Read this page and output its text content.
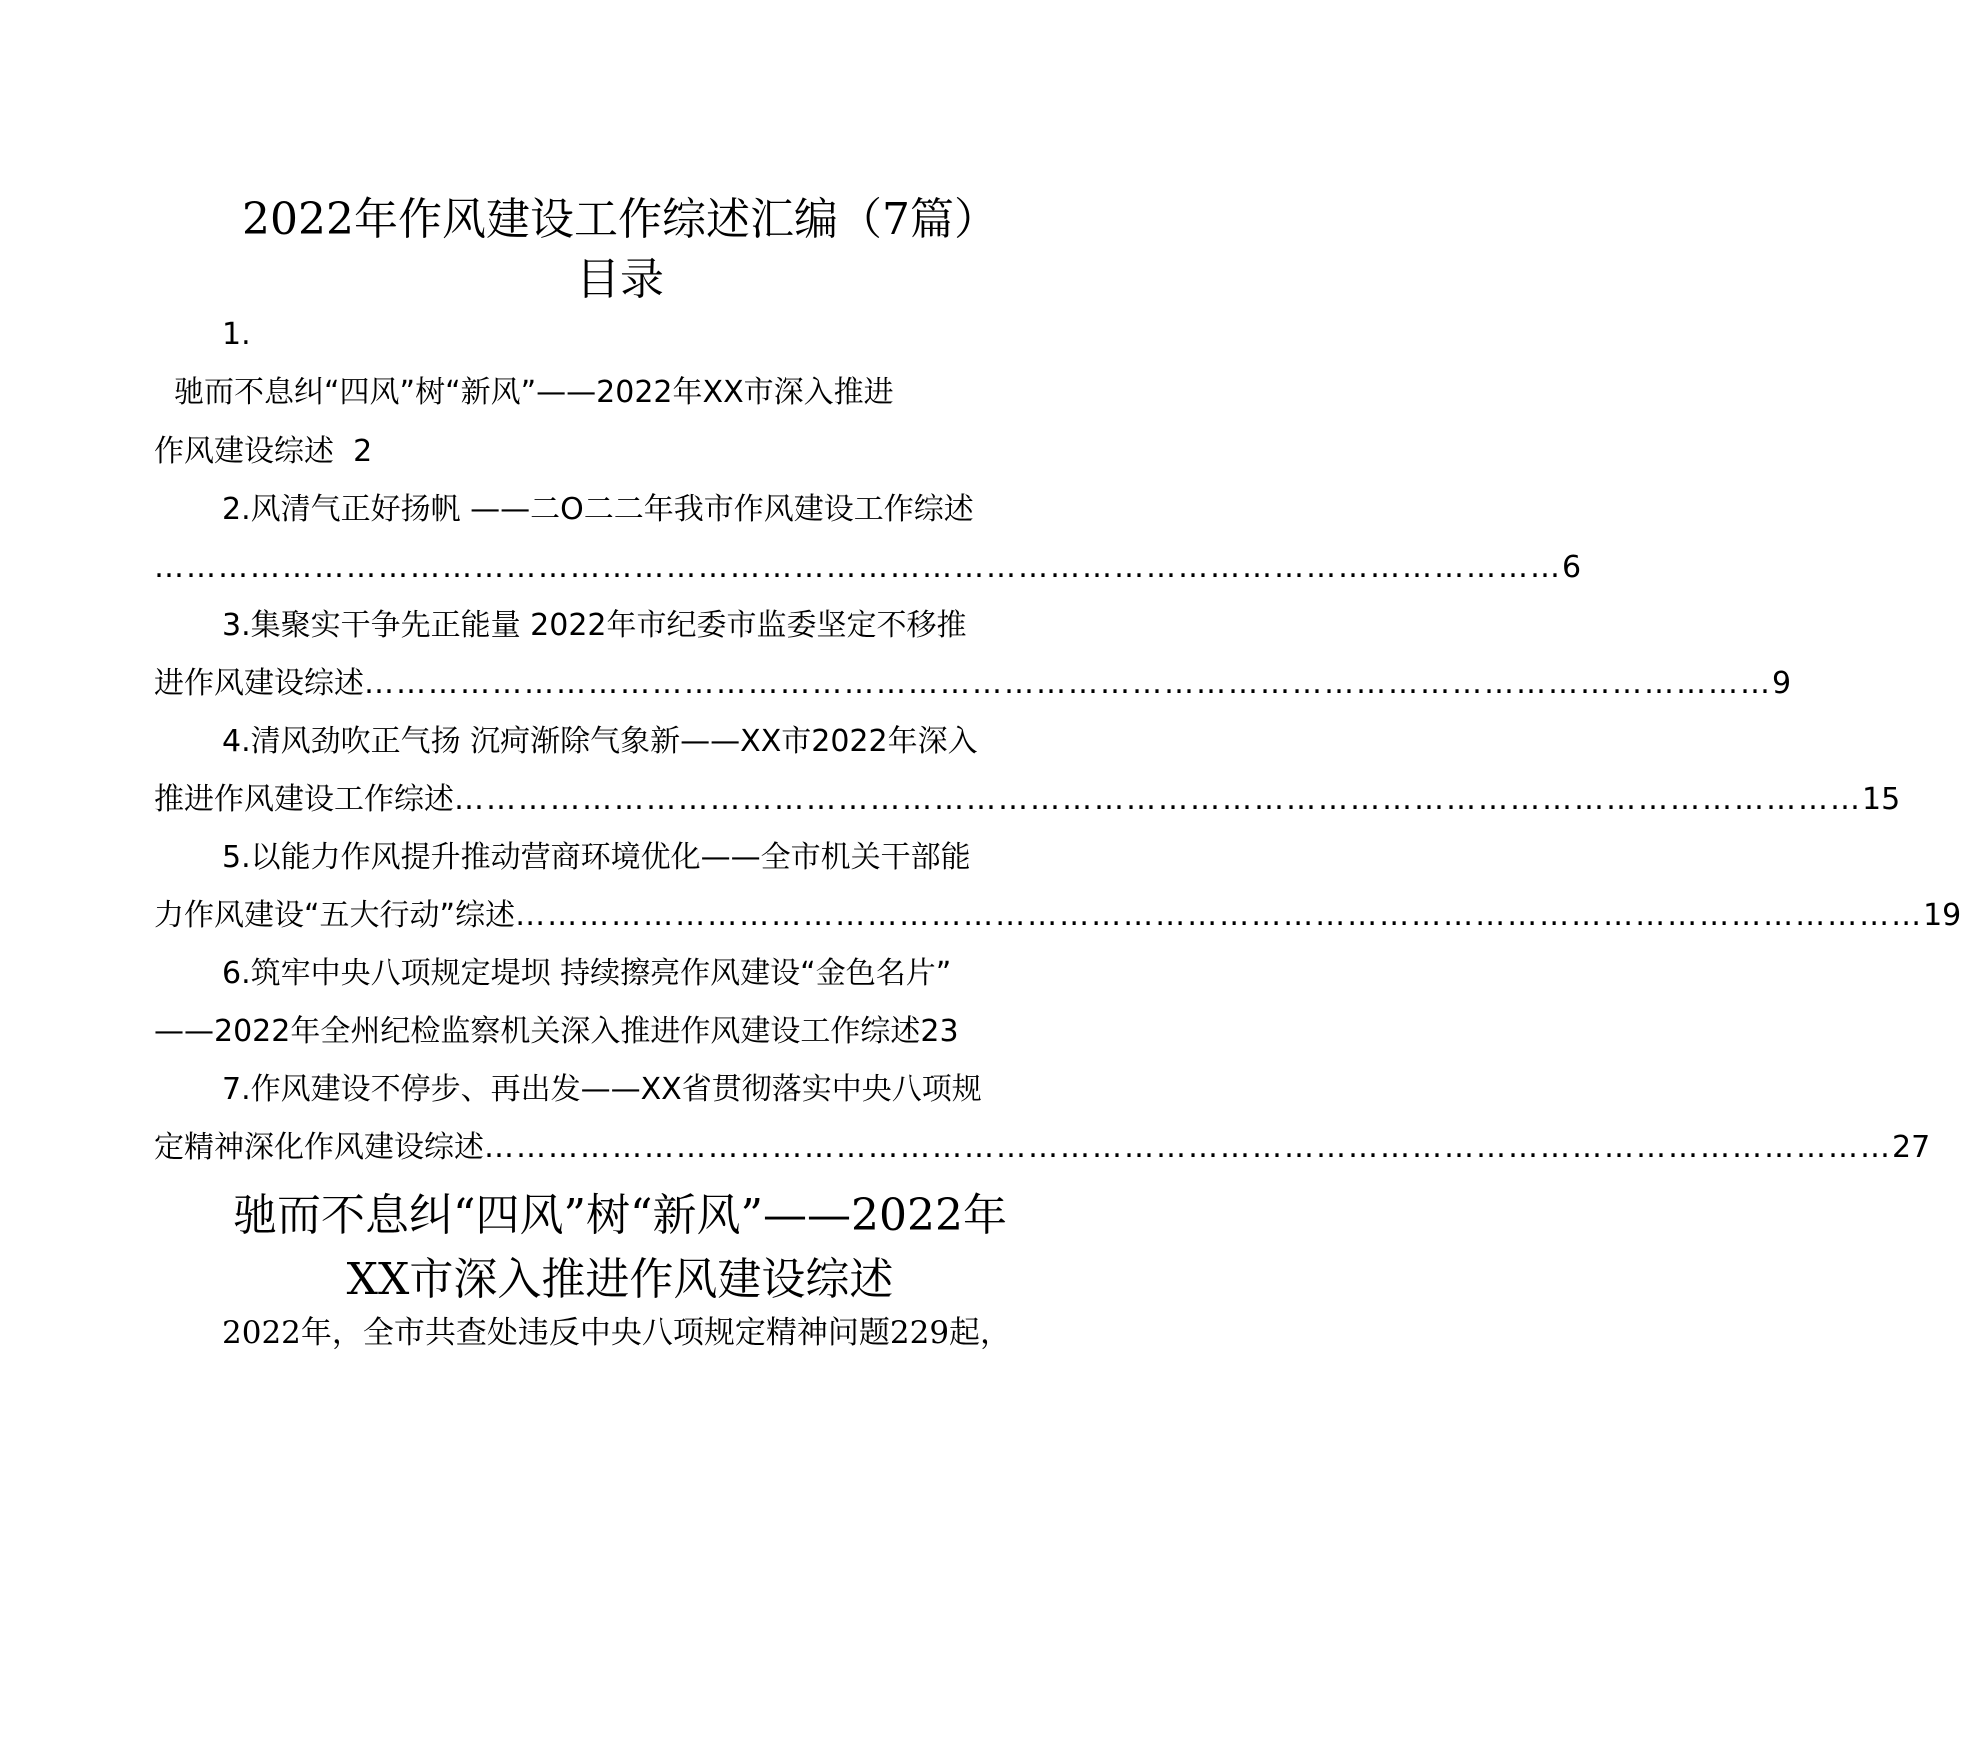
2022年作风建设工作综述汇编（7篇）
目录
1.
驰而不息纠“四风”树“新风”——2022年XX市深入推进
作风建设综述 2
2.风清气正好扬帆 ——二O二二年我市作风建设工作综述
…………………………………………………………………………………………………………………… 6
3.集聚实干争先正能量 2022年市纪委市监委坚定不移推
进作风建设综述 …………………………………………………………………………………………………………………… 9
4.清风劲吹正气扬 沉疴渐除气象新——XX市2022年深入
推进作风建设工作综述 …………………………………………………………………………………………………………………… 15
5.以能力作风提升推动营商环境优化——全市机关干部能
力作风建设“五大行动”综述 …………………………………………………………………………………………………………………… 19
6.筑牢中央八项规定堤坝 持续擦亮作风建设“金色名片”
——2022年全州纪检监察机关深入推进作风建设工作综述23
7.作风建设不停步、再出发——XX省贯彻落实中央八项规
定精神深化作风建设综述 …………………………………………………………………………………………………………………… 27
驰而不息纠“四风”树“新风”——2022年
XX市深入推进作风建设综述
2022年，全市共查处违反中央八项规定精神问题229起，
